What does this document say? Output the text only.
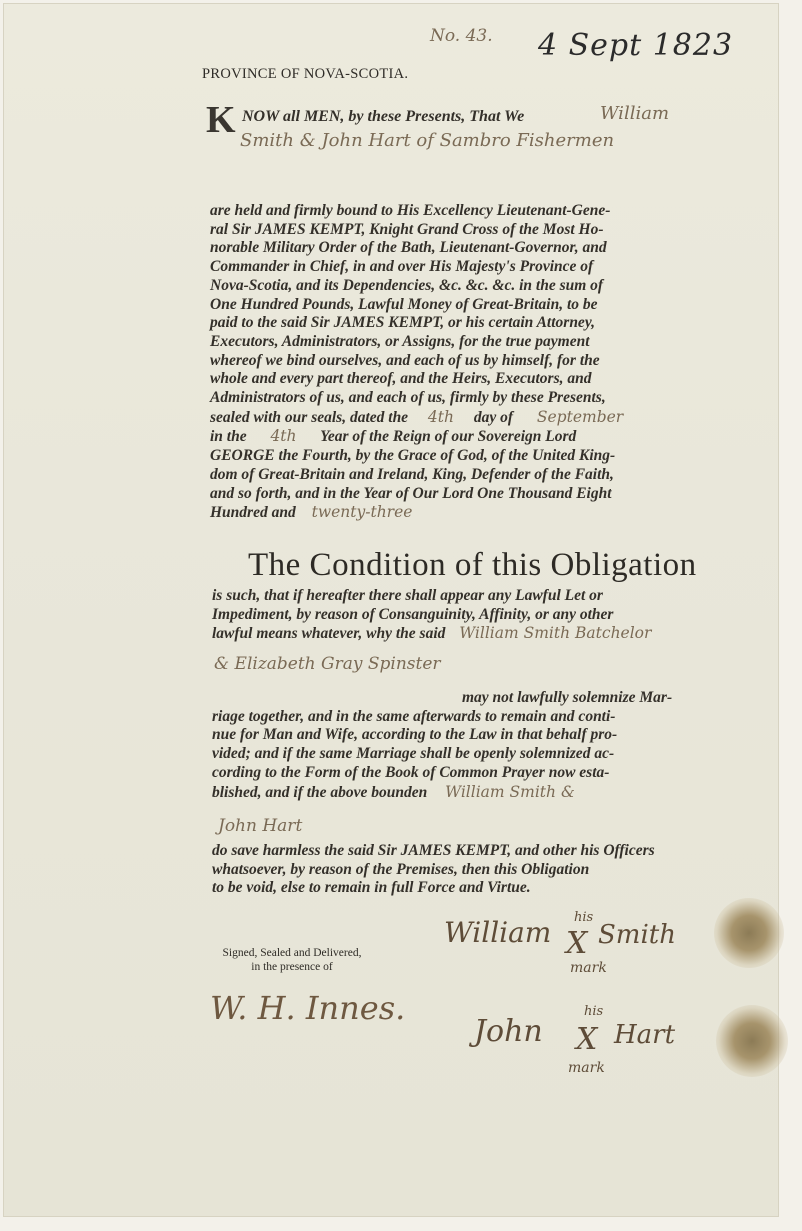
No. 43. 4 Sept 1823
PROVINCE OF NOVA-SCOTIA.
K NOW all MEN, by these Presents, That We	William
Smith & John Hart of Sambro Fishermen
are held and firmly bound to His Excellency Lieutenant-Gene-
ral Sir JAMES KEMPT, Knight Grand Cross of the Most Ho-
norable Military Order of the Bath, Lieutenant-Governor, and
Commander in Chief, in and over His Majesty's Province of
Nova-Scotia, and its Dependencies, &c. &c. &c. in the sum of
One Hundred Pounds, Lawful Money of Great-Britain, to be
paid to the said Sir JAMES KEMPT, or his certain Attorney,
Executors, Administrators, or Assigns, for the true payment
whereof we bind ourselves, and each of us by himself, for the
whole and every part thereof, and the Heirs, Executors, and
Administrators of us, and each of us, firmly by these Presents,
sealed with our seals, dated the 4th day of September
in the 4th Year of the Reign of our Sovereign Lord
GEORGE the Fourth, by the Grace of God, of the United King-
dom of Great-Britain and Ireland, King, Defender of the Faith,
and so forth, and in the Year of Our Lord One Thousand Eight
Hundred and twenty-three
The Condition of this Obligation
is such, that if hereafter there shall appear any Lawful Let or
Impediment, by reason of Consanguinity, Affinity, or any other
lawful means whatever, why the said William Smith Batchelor
& Elizabeth Gray Spinster
may not lawfully solemnize Mar-
riage together, and in the same afterwards to remain and conti-
nue for Man and Wife, according to the Law in that behalf pro-
vided; and if the same Marriage shall be openly solemnized ac-
cording to the Form of the Book of Common Prayer now esta-
blished, and if the above bounden William Smith &
John Hart
do save harmless the said Sir JAMES KEMPT, and other his Officers
whatsoever, by reason of the Premises, then this Obligation
to be void, else to remain in full Force and Virtue.
Signed, Sealed and Delivered,
in the presence of
W. H. Innes.
William his
X Smith
mark
John
his
X Hart
mark
